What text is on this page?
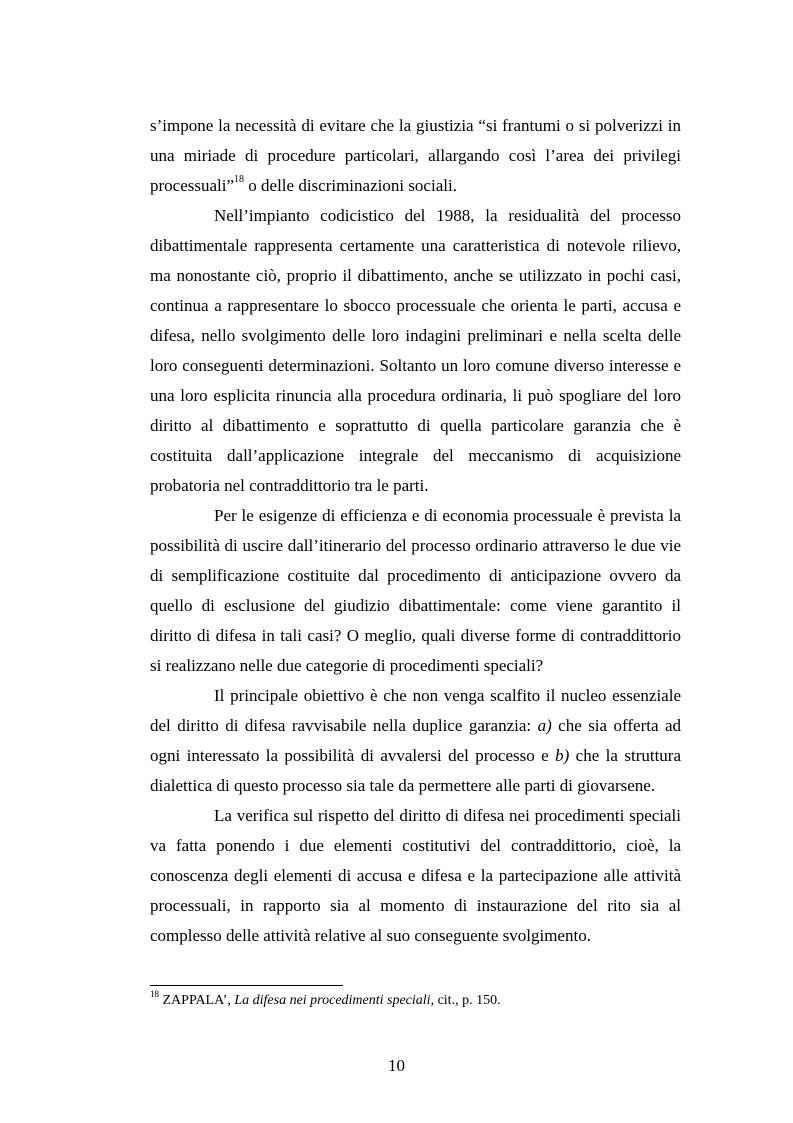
s’impone la necessità di evitare che la giustizia “si frantumi o si polverizzi in una miriade di procedure particolari, allargando così l’area dei privilegi processuali”$^{18}$ o delle discriminazioni sociali.

Nell’impianto codicistico del 1988, la residualità del processo dibattimentale rappresenta certamente una caratteristica di notevole rilievo, ma nonostante ciò, proprio il dibattimento, anche se utilizzato in pochi casi, continua a rappresentare lo sbocco processuale che orienta le parti, accusa e difesa, nello svolgimento delle loro indagini preliminari e nella scelta delle loro conseguenti determinazioni. Soltanto un loro comune diverso interesse e una loro esplicita rinuncia alla procedura ordinaria, li può spogliare del loro diritto al dibattimento e soprattutto di quella particolare garanzia che è costituita dall’applicazione integrale del meccanismo di acquisizione probatoria nel contraddittorio tra le parti.

Per le esigenze di efficienza e di economia processuale è prevista la possibilità di uscire dall’itinerario del processo ordinario attraverso le due vie di semplificazione costituite dal procedimento di anticipazione ovvero da quello di esclusione del giudizio dibattimentale: come viene garantito il diritto di difesa in tali casi? O meglio, quali diverse forme di contraddittorio si realizzano nelle due categorie di procedimenti speciali?

Il principale obiettivo è che non venga scalfito il nucleo essenziale del diritto di difesa ravvisabile nella duplice garanzia: a) che sia offerta ad ogni interessato la possibilità di avvalersi del processo e b) che la struttura dialettica di questo processo sia tale da permettere alle parti di giovarsene.

La verifica sul rispetto del diritto di difesa nei procedimenti speciali va fatta ponendo i due elementi costitutivi del contraddittorio, cioè, la conoscenza degli elementi di accusa e difesa e la partecipazione alle attività processuali, in rapporto sia al momento di instaurazione del rito sia al complesso delle attività relative al suo conseguente svolgimento.

$^{18}$ ZAPPALA’, La difesa nei procedimenti speciali, cit., p. 150.
10
